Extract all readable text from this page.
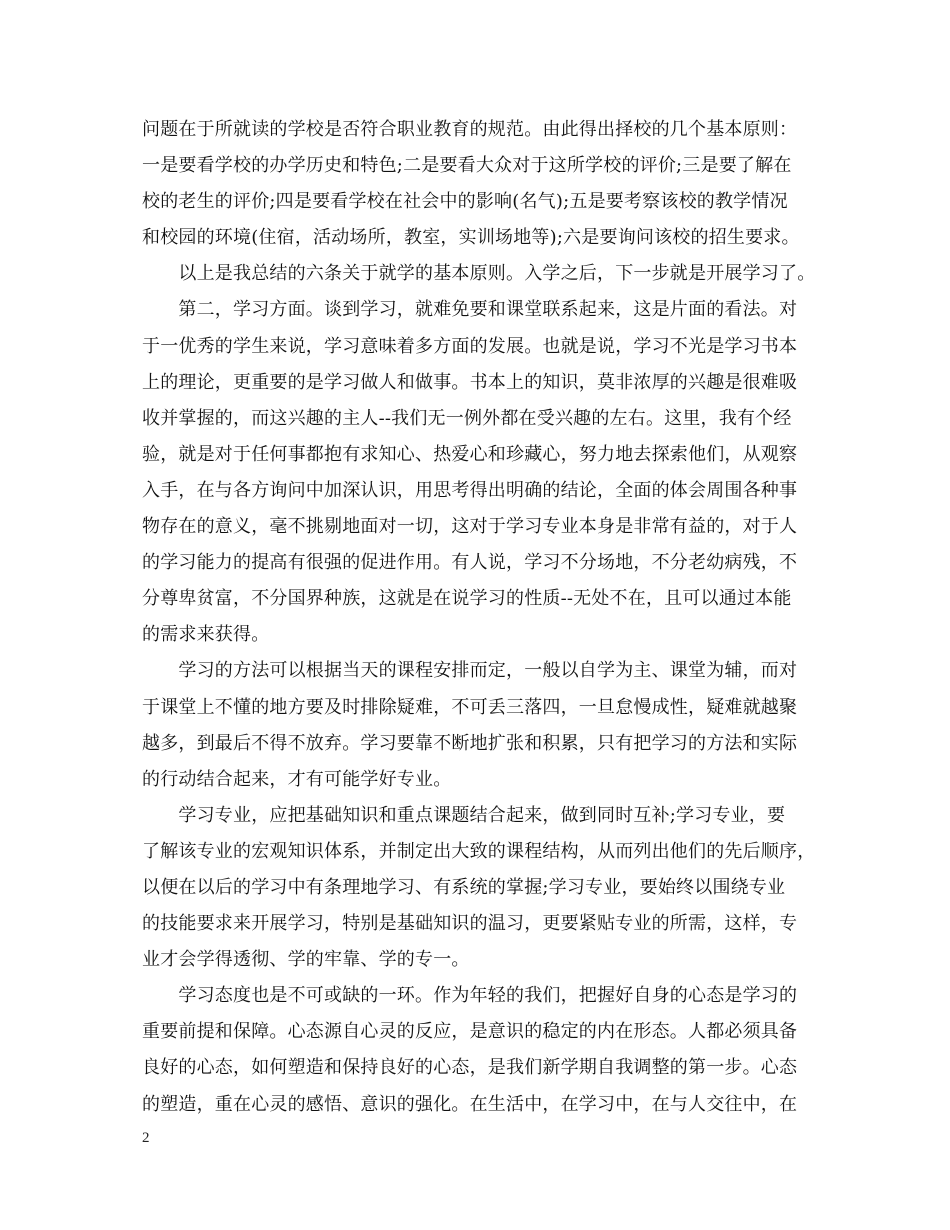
问题在于所就读的学校是否符合职业教育的规范。由此得出择校的几个基本原则：
一是要看学校的办学历史和特色;二是要看大众对于这所学校的评价;三是要了解在
校的老生的评价;四是要看学校在社会中的影响(名气);五是要考察该校的教学情况
和校园的环境(住宿，活动场所，教室，实训场地等);六是要询问该校的招生要求。
　　以上是我总结的六条关于就学的基本原则。入学之后，下一步就是开展学习了。
　　第二，学习方面。谈到学习，就难免要和课堂联系起来，这是片面的看法。对
于一优秀的学生来说，学习意味着多方面的发展。也就是说，学习不光是学习书本
上的理论，更重要的是学习做人和做事。书本上的知识，莫非浓厚的兴趣是很难吸
收并掌握的，而这兴趣的主人--我们无一例外都在受兴趣的左右。这里，我有个经
验，就是对于任何事都抱有求知心、热爱心和珍藏心，努力地去探索他们，从观察
入手，在与各方询问中加深认识，用思考得出明确的结论，全面的体会周围各种事
物存在的意义，毫不挑剔地面对一切，这对于学习专业本身是非常有益的，对于人
的学习能力的提高有很强的促进作用。有人说，学习不分场地，不分老幼病残，不
分尊卑贫富，不分国界种族，这就是在说学习的性质--无处不在，且可以通过本能
的需求来获得。
　　学习的方法可以根据当天的课程安排而定，一般以自学为主、课堂为辅，而对
于课堂上不懂的地方要及时排除疑难，不可丢三落四，一旦怠慢成性，疑难就越聚
越多，到最后不得不放弃。学习要靠不断地扩张和积累，只有把学习的方法和实际
的行动结合起来，才有可能学好专业。
　　学习专业，应把基础知识和重点课题结合起来，做到同时互补;学习专业，要
了解该专业的宏观知识体系，并制定出大致的课程结构，从而列出他们的先后顺序，
以便在以后的学习中有条理地学习、有系统的掌握;学习专业，要始终以围绕专业
的技能要求来开展学习，特别是基础知识的温习，更要紧贴专业的所需，这样，专
业才会学得透彻、学的牢靠、学的专一。
　　学习态度也是不可或缺的一环。作为年轻的我们，把握好自身的心态是学习的
重要前提和保障。心态源自心灵的反应，是意识的稳定的内在形态。人都必须具备
良好的心态，如何塑造和保持良好的心态，是我们新学期自我调整的第一步。心态
的塑造，重在心灵的感悟、意识的强化。在生活中，在学习中，在与人交往中，在
2
